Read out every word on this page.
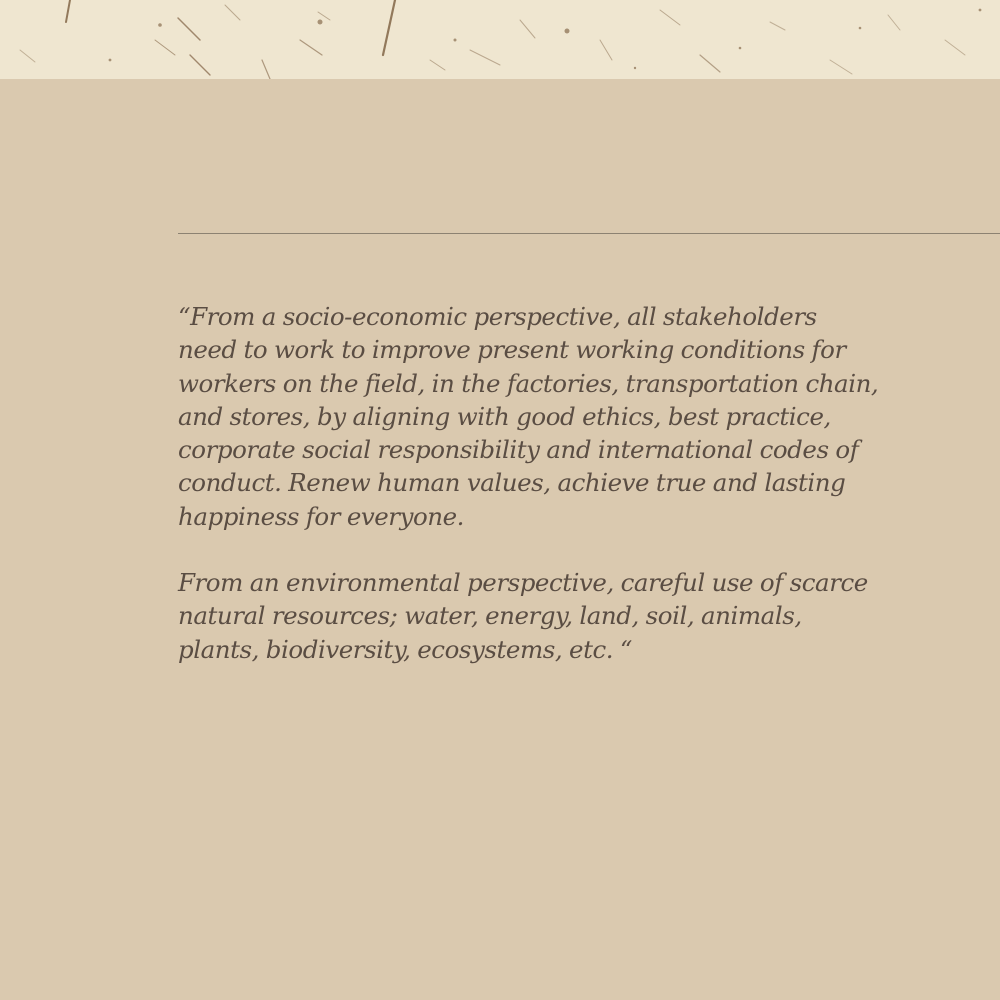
“From a socio-economic perspective, all stakeholders
need to work to improve present working conditions for
workers on the field, in the factories, transportation chain,
and stores, by aligning with good ethics, best practice,
corporate social responsibility and international codes of
conduct. Renew human values, achieve true and lasting
happiness for everyone.

From an environmental perspective, careful use of scarce
natural resources; water, energy, land, soil, animals,
plants, biodiversity, ecosystems, etc. “
